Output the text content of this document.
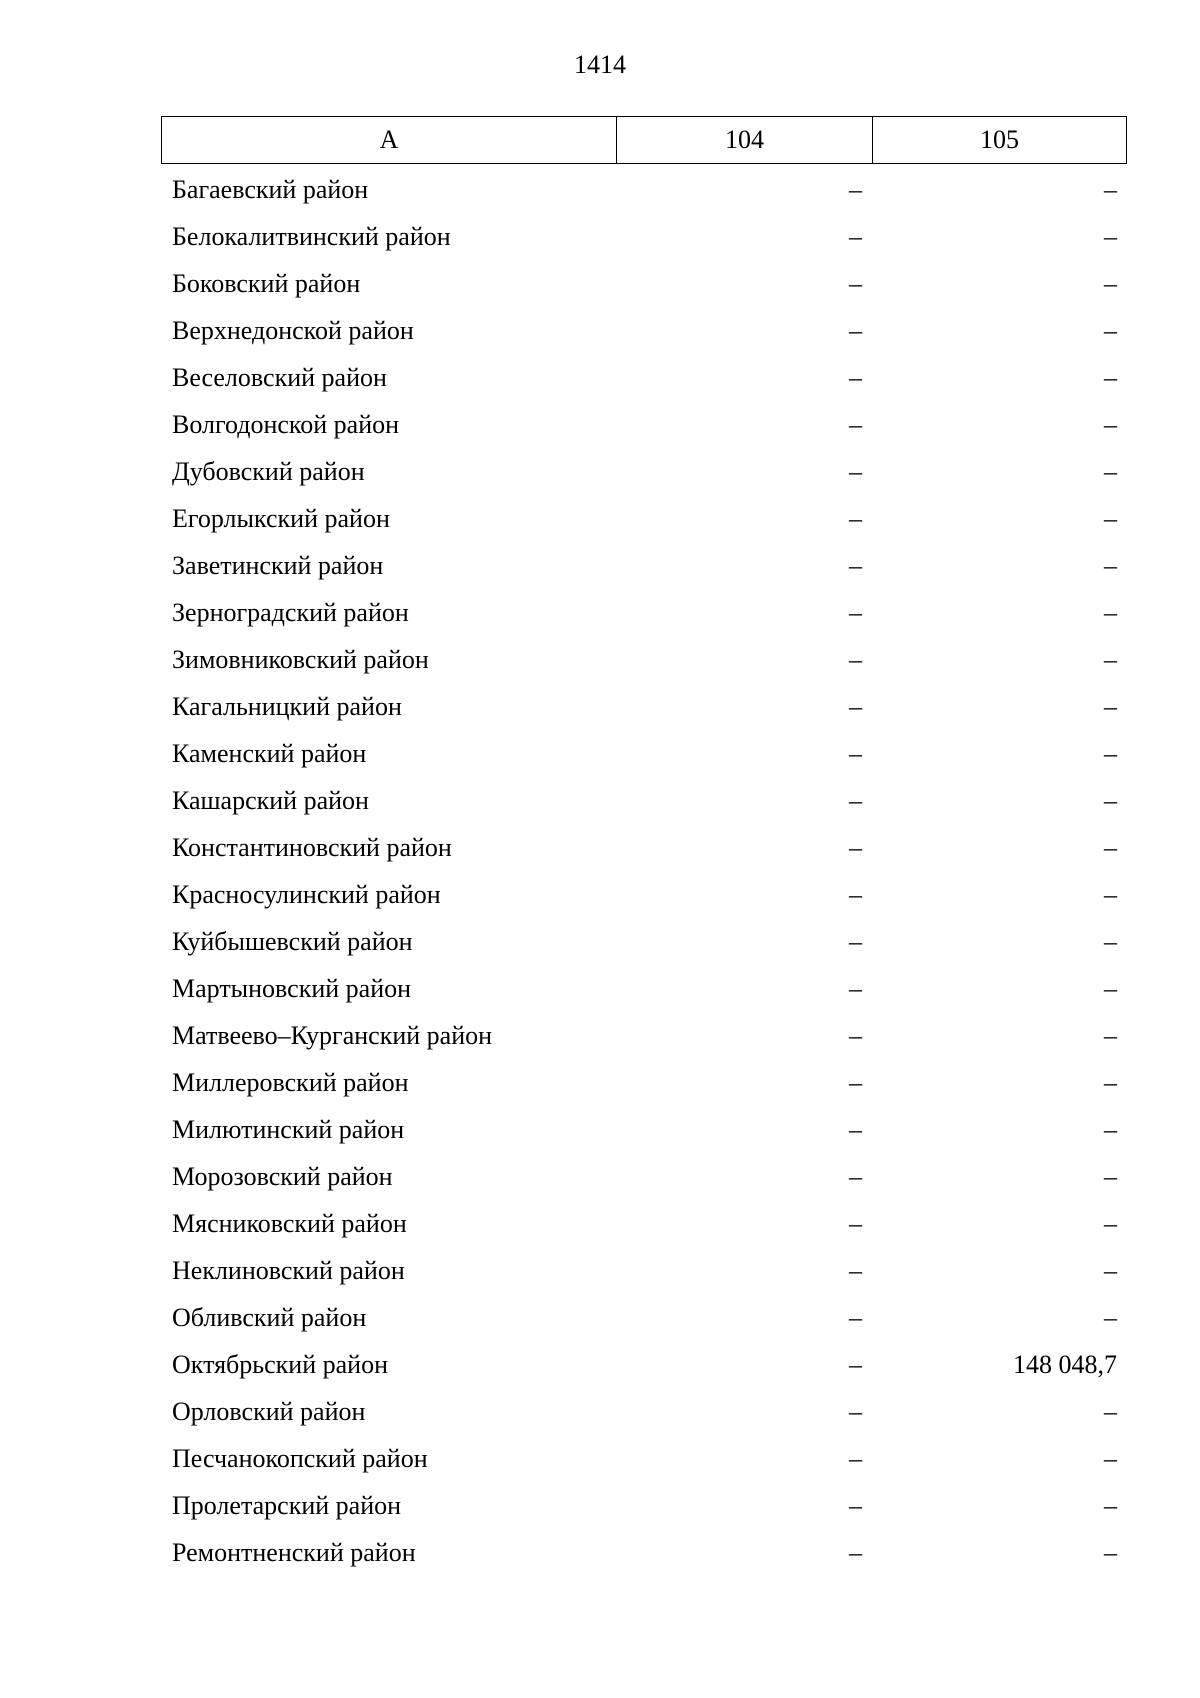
1414
А	104	105
Багаевский район	–	–
Белокалитвинский район	–	–
Боковский район	–	–
Верхнедонской район	–	–
Веселовский район	–	–
Волгодонской район	–	–
Дубовский район	–	–
Егорлыкский район	–	–
Заветинский район	–	–
Зерноградский район	–	–
Зимовниковский район	–	–
Кагальницкий район	–	–
Каменский район	–	–
Кашарский район	–	–
Константиновский район	–	–
Красносулинский район	–	–
Куйбышевский район	–	–
Мартыновский район	–	–
Матвеево–Курганский район	–	–
Миллеровский район	–	–
Милютинский район	–	–
Морозовский район	–	–
Мясниковский район	–	–
Неклиновский район	–	–
Обливский район	–	–
Октябрьский район	–	148 048,7
Орловский район	–	–
Песчанокопский район	–	–
Пролетарский район	–	–
Ремонтненский район	–	–
